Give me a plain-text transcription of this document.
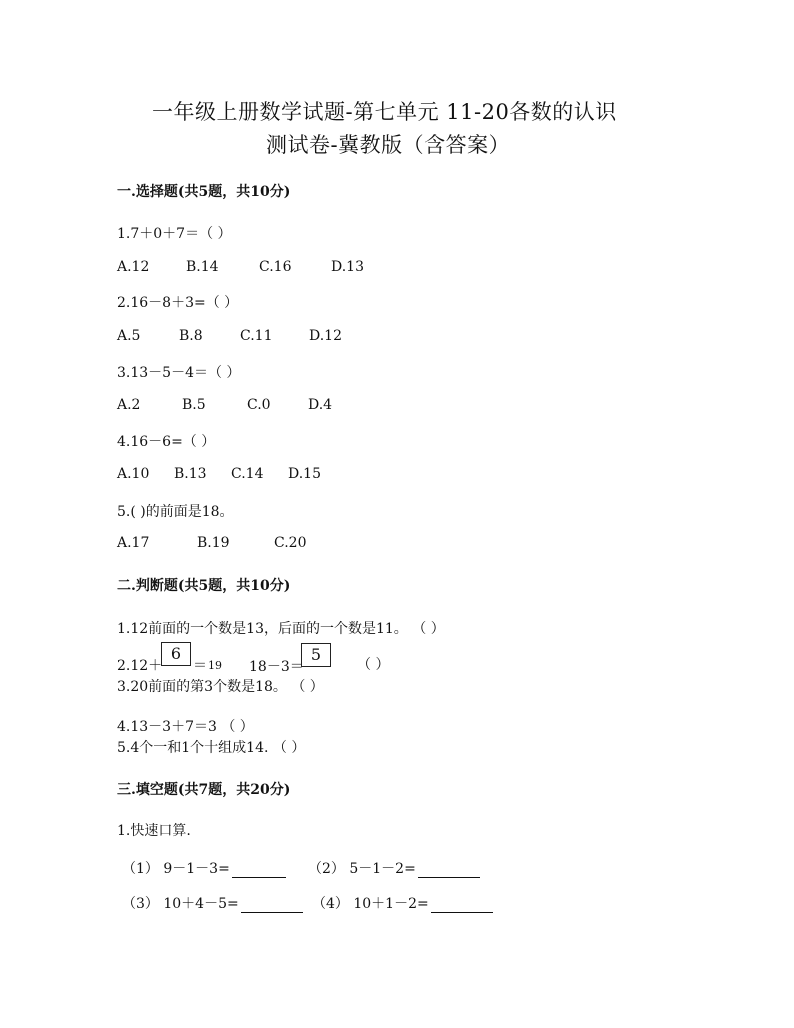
一年级上册数学试题-第七单元 11-20各数的认识
测试卷-冀教版（含答案）
一.选择题(共5题，共10分)
1.7＋0＋7＝（ ）
A.12	B.14	C.16	D.13
2.16－8＋3=（ ）
A.5	B.8	C.11	D.12
3.13－5－4＝（ ）
A.2	B.5	C.0	D.4
4.16－6=（ ）
A.10 B.13 C.14 D.15
5.( )的前面是18。
A.17	B.19	C.20
二.判断题(共5题，共10分)
1.12前面的一个数是13，后面的一个数是11。 （ ）
2.12＋
6
＝ 19 18－3＝
5
（ ）
3.20前面的第3个数是18。 （ ）
4.13－3＋7＝3 （ ）
5.4个一和1个十组成14. （ ）
三.填空题(共7题，共20分)
1.快速口算.
（1） 9－1－3=	（2） 5－1－2=
（3） 10＋4－5=	（4） 10＋1－2=
